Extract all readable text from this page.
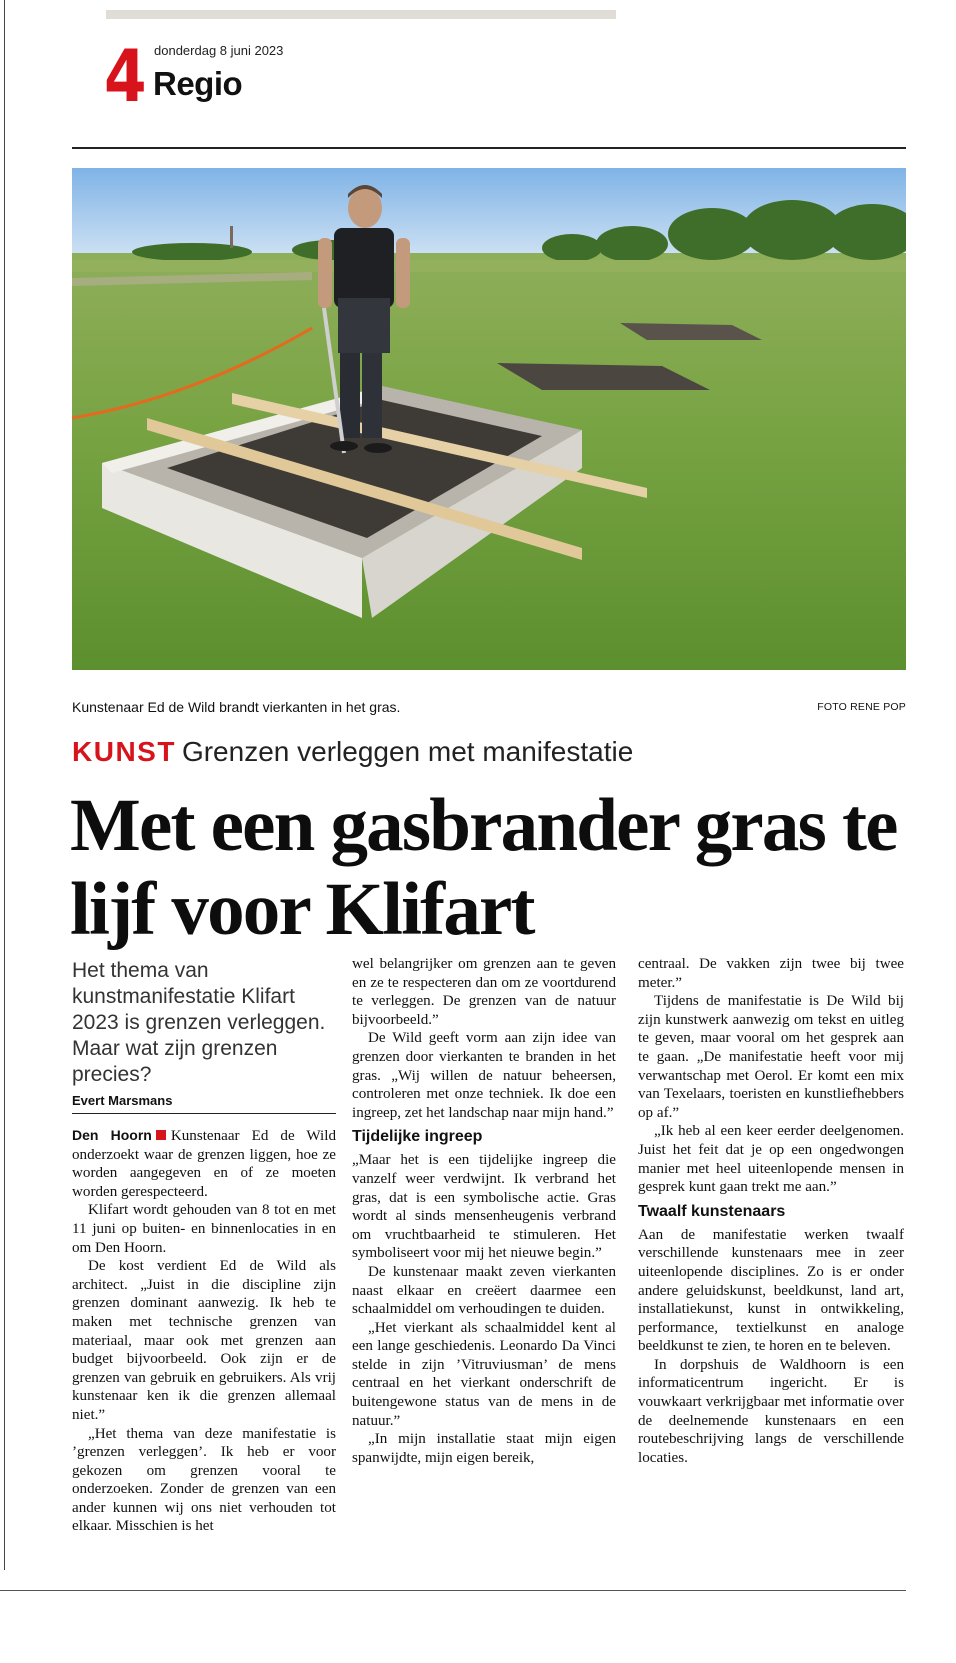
4 donderdag 8 juni 2023
Regio
Kunstenaar Ed de Wild brandt vierkanten in het gras.	FOTO RENE POP
KUNST Grenzen verleggen met manifestatie
Met een gasbrander gras te lijf voor Klifart
Het thema van kunstmanifestatie Klifart 2023 is grenzen verleggen. Maar wat zijn grenzen precies?
Evert Marsmans

Den Hoorn Kunstenaar Ed de Wild onderzoekt waar de grenzen liggen, hoe ze worden aangegeven en of ze moeten worden gerespecteerd.

Klifart wordt gehouden van 8 tot en met 11 juni op buiten- en binnenlocaties in en om Den Hoorn.

De kost verdient Ed de Wild als architect. „Juist in die discipline zijn grenzen dominant aanwezig. Ik heb te maken met technische grenzen van materiaal, maar ook met grenzen aan budget bijvoorbeeld. Ook zijn er de grenzen van gebruik en gebruikers. Als vrij kunstenaar ken ik die grenzen allemaal niet.”

„Het thema van deze manifestatie is ’grenzen verleggen’. Ik heb er voor gekozen om grenzen vooral te onderzoeken. Zonder de grenzen van een ander kunnen wij ons niet verhouden tot elkaar. Misschien is het

wel belangrijker om grenzen aan te geven en ze te respecteren dan om ze voortdurend te verleggen. De grenzen van de natuur bijvoorbeeld.”

De Wild geeft vorm aan zijn idee van grenzen door vierkanten te branden in het gras. „Wij willen de natuur beheersen, controleren met onze techniek. Ik doe een ingreep, zet het landschap naar mijn hand.”

Tijdelijke ingreep

„Maar het is een tijdelijke ingreep die vanzelf weer verdwijnt. Ik verbrand het gras, dat is een symbolische actie. Gras wordt al sinds mensenheugenis verbrand om vruchtbaarheid te stimuleren. Het symboliseert voor mij het nieuwe begin.”

De kunstenaar maakt zeven vierkanten naast elkaar en creëert daarmee een schaalmiddel om verhoudingen te duiden.

„Het vierkant als schaalmiddel kent al een lange geschiedenis. Leonardo Da Vinci stelde in zijn ’Vitruviusman’ de mens centraal en het vierkant onderschrift de buitengewone status van de mens in de natuur.”

„In mijn installatie staat mijn eigen spanwijdte, mijn eigen bereik,

centraal. De vakken zijn twee bij twee meter.”

Tijdens de manifestatie is De Wild bij zijn kunstwerk aanwezig om tekst en uitleg te geven, maar vooral om het gesprek aan te gaan. „De manifestatie heeft voor mij verwantschap met Oerol. Er komt een mix van Texelaars, toeristen en kunstliefhebbers op af.”

„Ik heb al een keer eerder deelgenomen. Juist het feit dat je op een ongedwongen manier met heel uiteenlopende mensen in gesprek kunt gaan trekt me aan.”

Twaalf kunstenaars

Aan de manifestatie werken twaalf verschillende kunstenaars mee in zeer uiteenlopende disciplines. Zo is er onder andere geluidskunst, beeldkunst, land art, installatiekunst, kunst in ontwikkeling, performance, textielkunst en analoge beeldkunst te zien, te horen en te beleven.

In dorpshuis de Waldhoorn is een informaticentrum ingericht. Er is vouwkaart verkrijgbaar met informatie over de deelnemende kunstenaars en een routebeschrijving langs de verschillende locaties.
